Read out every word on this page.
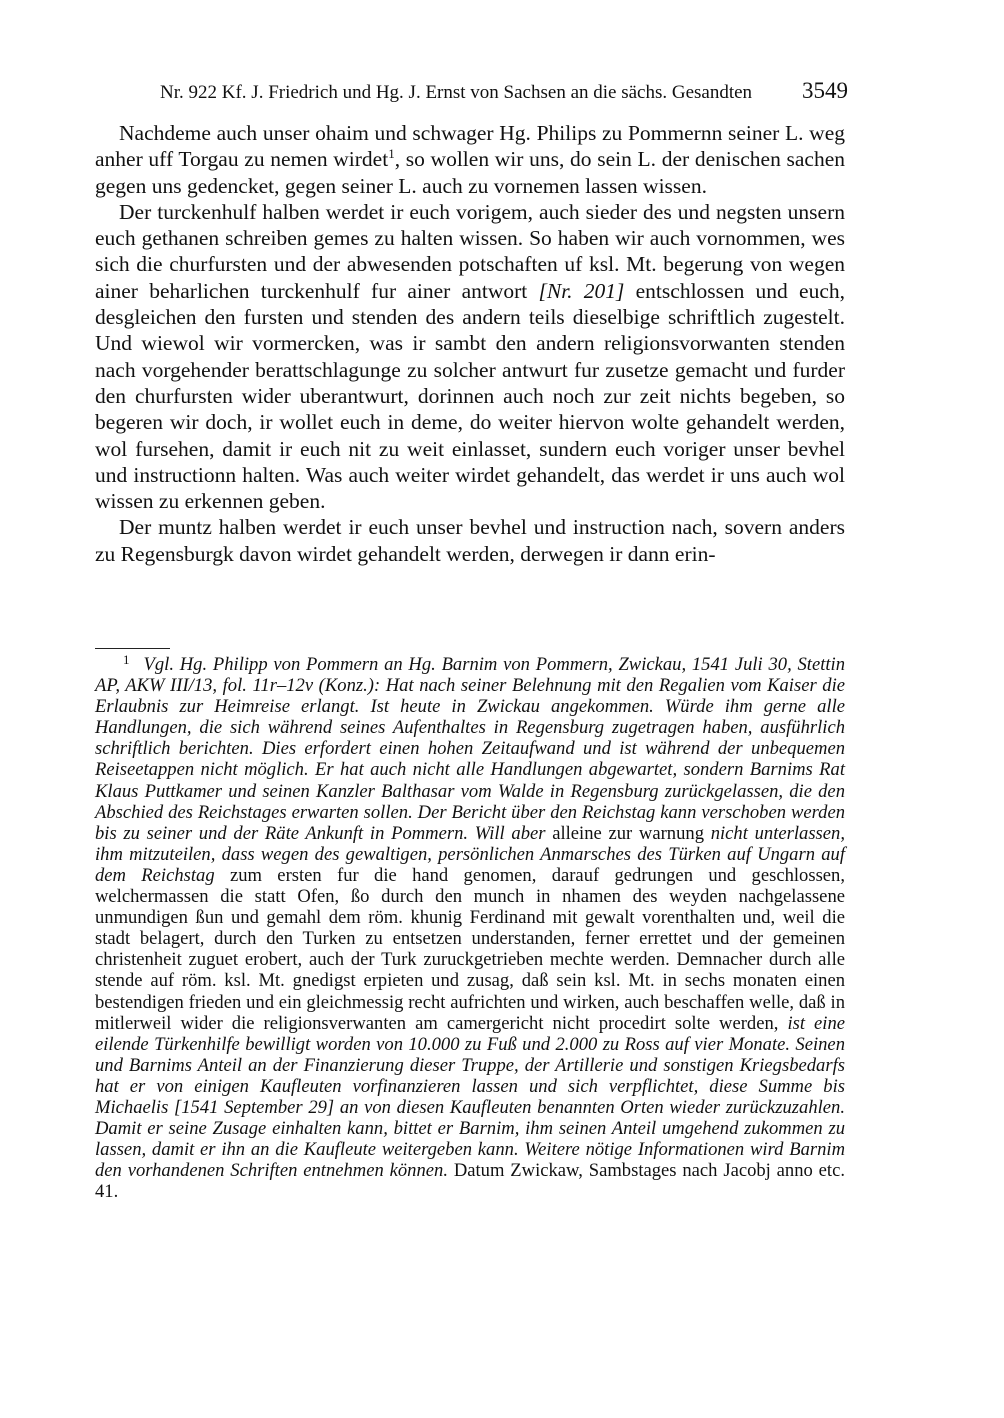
Nr. 922 Kf. J. Friedrich und Hg. J. Ernst von Sachsen an die sächs. Gesandten 3549

Nachdeme auch unser ohaim und schwager Hg. Philips zu Pommernn seiner L. weg anher uff Torgau zu nemen wirdet$^1$, so wollen wir uns, do sein L. der denischen sachen gegen uns gedencket, gegen seiner L. auch zu vornemen lassen wissen.

Der turckenhulf halben werdet ir euch vorigem, auch sieder des und negsten unsern euch gethanen schreiben gemes zu halten wissen. So haben wir auch vornommen, wes sich die churfursten und der abwesenden potschaften uf ksl. Mt. begerung von wegen ainer beharlichen turckenhulf fur ainer antwort [Nr. 201] entschlossen und euch, desgleichen den fursten und stenden des andern teils dieselbige schriftlich zugestelt. Und wiewol wir vormercken, was ir sambt den andern religionsvorwanten stenden nach vorgehender berattschlagunge zu solcher antwurt fur zusetze gemacht und furder den churfursten wider uberantwurt, dorinnen auch noch zur zeit nichts begeben, so begeren wir doch, ir wollet euch in deme, do weiter hiervon wolte gehandelt werden, wol fursehen, damit ir euch nit zu weit einlasset, sundern euch voriger unser bevhel und instructionn halten. Was auch weiter wirdet gehandelt, das werdet ir uns auch wol wissen zu erkennen geben.

Der muntz halben werdet ir euch unser bevhel und instruction nach, sovern anders zu Regensburgk davon wirdet gehandelt werden, derwegen ir dann erin-

$^1$ Vgl. Hg. Philipp von Pommern an Hg. Barnim von Pommern, Zwickau, 1541 Juli 30, Stettin AP, AKW III/13, fol. 11r–12v (Konz.): Hat nach seiner Belehnung mit den Regalien vom Kaiser die Erlaubnis zur Heimreise erlangt. Ist heute in Zwickau angekommen. Würde ihm gerne alle Handlungen, die sich während seines Aufenthaltes in Regensburg zugetragen haben, ausführlich schriftlich berichten. Dies erfordert einen hohen Zeitaufwand und ist während der unbequemen Reiseetappen nicht möglich. Er hat auch nicht alle Handlungen abgewartet, sondern Barnims Rat Klaus Puttkamer und seinen Kanzler Balthasar vom Walde in Regensburg zurückgelassen, die den Abschied des Reichstages erwarten sollen. Der Bericht über den Reichstag kann verschoben werden bis zu seiner und der Räte Ankunft in Pommern. Will aber alleine zur warnung nicht unterlassen, ihm mitzuteilen, dass wegen des gewaltigen, persönlichen Anmarsches des Türken auf Ungarn auf dem Reichstag zum ersten fur die hand genomen, darauf gedrungen und geschlossen, welchermassen die statt Ofen, ßo durch den munch in nhamen des weyden nachgelassene unmundigen ßun und gemahl dem röm. khunig Ferdinand mit gewalt vorenthalten und, weil die stadt belagert, durch den Turken zu entsetzen understanden, ferner errettet und der gemeinen christenheit zuguet erobert, auch der Turk zuruckgetrieben mechte werden. Demnacher durch alle stende auf röm. ksl. Mt. gnedigst erpieten und zusag, daß sein ksl. Mt. in sechs monaten einen bestendigen frieden und ein gleichmessig recht aufrichten und wirken, auch beschaffen welle, daß in mitlerweil wider die religionsverwanten am camergericht nicht procedirt solte werden, ist eine eilende Türkenhilfe bewilligt worden von 10.000 zu Fuß und 2.000 zu Ross auf vier Monate. Seinen und Barnims Anteil an der Finanzierung dieser Truppe, der Artillerie und sonstigen Kriegsbedarfs hat er von einigen Kaufleuten vorfinanzieren lassen und sich verpflichtet, diese Summe bis Michaelis [1541 September 29] an von diesen Kaufleuten benannten Orten wieder zurückzuzahlen. Damit er seine Zusage einhalten kann, bittet er Barnim, ihm seinen Anteil umgehend zukommen zu lassen, damit er ihn an die Kaufleute weitergeben kann. Weitere nötige Informationen wird Barnim den vorhandenen Schriften entnehmen können. Datum Zwickaw, Sambstages nach Jacobj anno etc. 41.
